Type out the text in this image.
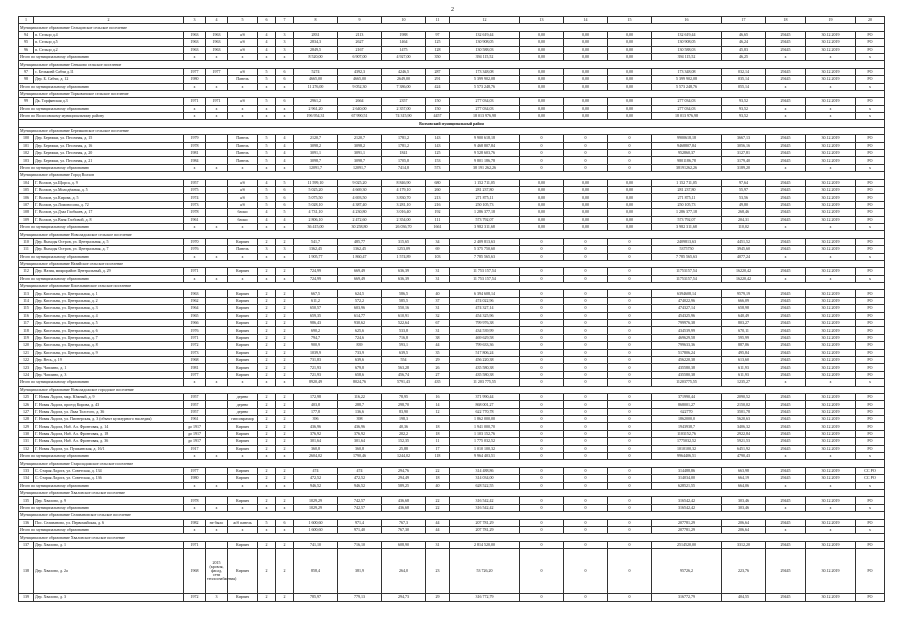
2
1	2	3	4	5	6	7	8	9	10	11	12	13	14	15	16	17	18	19	20
Муниципальное образование Сельцовское сельское поселение																			
94	п. Сельцо д.4	1963	1963	а/б	4	3	2831	2113	1988	97	132 619,44	0,00	0,00	0,00	132 619,44	46,65	29445	30.12.2019	РО
95	п. Сельцо д.5	1963	1963	а/б	4	3	2834,3	2627	1464	125	130 908,05	0,00	0,00	0,00	130 908,05	46,24	29445	30.12.2019	РО
96	п. Сельцо д.2	1963	1963	а/б	4	3	2849,5	2167	1475	128	130 588,03	0,00	0,00	0,00	130 588,03	45,83	29445	30.12.2019	РО
Итого по муниципальному образованию		x	x	x	x	x	8 520,00	6 907,00	4 927,00	350	394 115,52	0,00	0,00	0,00	394 115,52	46,25	x	x	x
Муниципальное образование Сеньково сельское поселение																			
97	с. Бельковй Сабчи д.11	1977	1977	а/б	5	6	5274	4392,3	4246,5	287	173 348,08	0,00	0,00	0,00	173 348,08	032,14	29445	30.12.2019	РО
98	Дер. Б. Сабчи, д. 12	1980		Панель	5	6	4665,00	4665,00	2649,00	291	5 399 902,08	0,00	0,00	0,00	5 399 902,08	035,14	29445	30.12.2019	РО
Итого по муниципальному образованию		x	x	x	x	x	11 276,00	9 052,30	7 386,00	424	5 573 248,76	0,00	0,00	0,00	5 573 248,76	055,14	x	x	x
Муниципальное образование Торковичское сельское поселение																			
99	Дк. Торфянская д.3	1971	1971	а/б	5	6	2961,2	2664	2357	150	277 034,03	0,00	0,00	0,00	277 034,03	93,52	29445	30.12.2019	РО
Итого по муниципальному образованию		x	x	x	x	x	2 961,20	2 640,00	2 357,00	150	277 034,03	0,00	0,00	0,00	277 034,03	93,52	x	x	x
Итого по Волосовскому муниципальному району		x	x	x	x	x	196 954,31	67 990,51	74 315,90	4457	18 013 976,98	0,00	0,00	0,00	18 013 976,98	93,52	x	x	x
Волховский муниципальный район																			
Муниципальное образование Бережковское сельское поселение																			
100	Дер. Бережки, ул. Песочная, д. 15	1979		Панель	5	4	2120,7	2120,7	1781,2	143	9 900 618,18	0	0	0	9900618,18	3667,13	29445	30.12.2019	РО
101	Дер. Бережки, ул. Песочная, д. 16	1978		Панель	5	4	3098,2	3098,2	1781,2	143	9 468 807,84	0	0	0	9468807,84	3056,16	29445	30.12.2019	РО
102	Дер. Бережки, ул. Песочная, д. 20	1981		Панель	5	4	3091,1	3091,1	1841	125	9 528 603,76	0	0	0	952860,37	3127,81	29445	30.12.2019	РО
103	Дер. Бережки, ул. Песочная, д. 21	1984		Панель	5	4	3098,7	3098,7	1705,8	153	9 801 186,78	0	0	0	9801186,78	3179,40	29445	30.12.2019	РО
Итого по муниципальному образованию		x	x	x	x	x	12091,7	12091,7	7414,8	573	38 191 262,26	0	0	0	38191262,26	3189,20	x	x	x
Муниципальное образование Город Волхов																			
104	Г. Волхов, ул.Щорса, д. 9	1957		а/б	4	5	11 599,10	9 025,20	8 846,90	680	1 152 711,05	0,00	0,00	0,00	1 152 711,05	97,64	29445	30.12.2019	РО
105	Г. Волхов, ул.Молодёжная, д. 5	1975		а/б	5	6	5 025,20	4 669,30	4 179,10	260	281 237,80	0,00	0,00	0,00	281 237,80	55,97	29445	30.12.2019	РО
106	Г. Волхов, ул.Кирова, д. 5	1974		а/б	5	6	5 075,50	4 693,50	3 830,70	213	271 875,11	0,00	0,00	0,00	271 875,11	53,56	29445	30.12.2019	РО
107	Г. Волхов, ул.Ломоносова, д. 72	1973		а/б	5	6	5 028,10	4 387,40	3 281,10	216	250 105,73	0,00	0,00	0,00	250 105,73	49,80	29445	30.12.2019	РО
108	Г. Волхов, ул.Дзаа Глобкаев, д. 17	1978		блоки	4	5	4 731,10	4 230,80	3 016,40	192	1 286 377,18	0,00	0,00	0,00	1 286 377,18	268,46	29445	30.12.2019	РО
109	Г. Волхов, ул.Ваня Глобовой, д. 8	1961		блоки	4	4	2 806,10	2 472,60	2 354,00	111	573 792,07	0,00	0,00	0,00	573 792,07	204,31	29445	30.12.2019	РО
Итого по муниципальному образованию		x	x	x	x	x	36 415,00	30 258,80	26 036,70	1661	3 982 311,68	0,00	0,00	0,00	3 982 311,68	110,02	x	x	x
Муниципальное образование Новоладожское сельское поселение																			
110	Дер. Выходы Остров, ул. Центральная, д. 5	1970		Кирпич	2	2	541,7	485,77	315,65	34	2 409 813,63	0	0	0	2409813,63	4451,52	29445	30.12.2019	РО
111	Дер. Выходы Остров, ул. Центральная, д. 7	1976		Панель	3	3	1362,45	1362,45	1253,09	69	5 375 750,60	0	0	0	5375750	3945,60	29445	30.12.2019	РО
Итого по муниципальному образованию		x	x	x	x	x	1 905,77	1 860,47	1 574,89	103	7 785 565,63	0	0	0	7 785 565,63	4077,24	x	x	x
Муниципальное образование Назийское сельское поселение																			
112	Дер. Назия, микрорайон Центральный, д. 29	1971		Кирпич	2	2	724,99	669,49	636,39	31	11 753 157,54	0	0	0	11753157,54	16220,42	29445	30.12.2019	РО
Итого по муниципальному образованию		x	x	x	x	x	724,99	669,49	636,39	31	11 753 157,54	0	0	0	11753157,54	16220,42	x	x	x
Муниципальное образование Кисельнинское сельское поселение																			
113	Дер. Кисельня, ул. Центральная, д. 1	1963		Кирпич	2	2	667,5	624,5	586,5	40	6 394 608,14	0	0	0	6394608,14	9579,19	29445	30.12.2019	РО
114	Дер. Кисельня, ул. Центральная, д. 2	1962		Кирпич	2	2	611,2	572,2	585,5	37	474 022,96	0	0	0	474022,96	666,09	29445	30.12.2019	РО
115	Дер. Кисельня, ул. Центральная, д. 3	1964		Кирпич	2	2	650,57	603,96	550,16	31	474 327,14	0	0	0	474327,14	658,98	29445	30.12.2019	РО
116	Дер. Кисельня, ул. Центральная, д. 4	1965		Кирпич	2	2	659,35	614,77	610,91	32	454 325,96	0	0	0	454325,96	640,49	29445	30.12.2019	РО
117	Дер. Кисельня, ул. Центральная, д. 5	1966		Кирпич	2	2	986,43	930,62	522,64	67	799 976,38	0	0	0	799976,38	803,27	29445	30.12.2019	РО
118	Дер. Кисельня, ул. Центральная, д. 6	1976		Кирпич	2	2	690,2	625,6	533,8	31	434 539,99	0	0	0	434539,99	670,11	29445	30.12.2019	РО
119	Дер. Кисельня, ул. Центральная, д. 7	1971		Кирпич	2	2	794,7	724,6	716,8	38	469 629,58	0	0	0	469629,58	595,99	29445	30.12.2019	РО
120	Дер. Кисельня, ул. Центральная, д. 8	1972		Кирпич	2	2	900,9	839	593,1	44	799 633,36	0	0	0	799633,36	887,86	29445	30.12.2019	РО
121	Дер. Кисельня, ул. Центральная, д. 9	1973		Кирпич	2	2	1039,9	733,9	639,5	35	517 806,24	0	0	0	517806,24	495,84	29445	30.12.2019	РО
122	Дер. Весь, д. 19	1968		Кирпич	2	2	731,83	639,6	554	29	456 220,38	0	0	0	456220,38	613,60	29445	30.12.2019	РО
123	Дер. Чаплино, д. 1	1981		Кирпич	2	2	721,93	679,8	563,28	26	435 580,38	0	0	0	435580,38	611,93	29445	30.12.2019	РО
124	Дер. Чаплино, д. 3	1977		Кирпич	2	2	721,93	658,6	456,74	27	435 580,38	0	0	0	435580,38	611,93	29445	30.12.2019	РО
Итого по муниципальному образованию		x	x	x	x	x	8920,49	8024,76	5791,43	435	11 203 775,55	0	0	0	11203775,55	1235,27	x	x	x
Муниципальное образование Новоладожское городское поселение																			
125	Г. Новая Ладога, мкр. Южный, д. 9	1957		дерево	2	2	172,98	116,22	78,95	16	371 990,44	0	0	0	371990,44	2090,52	29445	30.12.2019	РО
126	Г. Новая Ладога, проезд Кирова, д. 43	1957		дерево	2	2	403,8	288,7	298,70	14	868 001,27	0	0	0	868001,27	2150,02	29445	30.12.2019	РО
127	Г. Новая Ладога, ул. Льва Толстого, д. 36	1957		дерево	2	2	177,8	136,6	83,90	12	622 770,78	0	0	0	622770	3501,78	29445	30.12.2019	РО
128	Г. Новая Ладога, ул. Пионерская, д. 3 (объект культурного наследия)	1961		гипсомрамор	2	2	396	398	198,3		1 862 000,00	0	0	0	1862000,0	5620,63	29445	30.12.2019	РО
129	Г. Новая Ладога, Наб. Ал. Фронтовая, д. 14	до 1917		Кирпич	2	2	436,96	436,96	40,36	18	1 941 000,70	0	0	0	1943938,7	3406,32	29445	30.12.2019	РО
130	Г. Новая Ладога, Наб. Ал. Фронтовая, д. 18	до 1917		Кирпич	2	2	376,92	376,92	202,2	18	1 103 152,76	0	0	0	1103152,76	2922,84	29445	30.12.2019	РО
131	Г. Новая Ладога, Наб. Ал. Фронтовая, д. 36	до 1917		Кирпич	2	2	301,64	301,64	152,35	11	1 775 032,52	0	0	0	1775032,52	5921,53	29445	30.12.2019	РО
132	Г. Новая Ладога, ул. Пушкинская, д. 16/1	1917		Кирпич	2	2	360,8	360,8	25,88	17	1 010 100,32	0	0	0	1010100,32	6451,92	29445	30.12.2019	РО
Итого по муниципальному образованию		x	x	x	x	x	2604,02	1790,46	1244,02	118	9 964 403,51	0	0	0	9964406,51	4790,43	x	x	x
Муниципальное образование Староладожское сельское поселение																			
133	С. Старая Ладога, ул. Советская, д. 134	1977		Кирпич	2	2	474	474	294,76	22	314 488,86	0	0	0	314488,86	663,98	29445	30.12.2019	СС РО
134	С. Старая Ладога, ул. Советская, д. 136	1980		Кирпич	2	2	472,52	472,52	294,49	18	314 034,00	0	0	0	314034,00	664,19	29445	30.12.2019	СС РО
Итого по муниципальному образованию		x	x	x	x	x	946,52	946,52	589,25	40	628 522,55	0	0	0	628521,55	664,06	x	x	x
Муниципальное образование Хваловское сельское поселение																			
135	Дер. Хвалово, д. 9	1978		Кирпич	2	2	1029,29	742,57	436,68	22	316 542,42	0	0	0	316542,42	303,46	29445	30.12.2019	РО
Итого по муниципальному образованию		x	x	x	x	x	1029,29	742,57	436,68	22	316 542,42	0	0	0	316542,42	303,46	x	x	x
Муниципальное образование Селивановское сельское поселение																			
136	Пос. Селиваново, ул. Первомайская, д. 6	1982	не было	ж/б панель	5	6	1 600,60	971,4	767,3	44	207 781,29	0	0	0	207781,29	206,64	29445	30.12.2019	РО
Итого по муниципальному образованию		x	x	x	x	x	1 600,60	971,40	767,30	44	207 781,29	0	0	0	207781,29	206,64	x	x	x
Муниципальное образование Хваловское сельское поселение																			
137	Дер. Хвалово, д. 1	1971		Кирпич	2	2	741,10	716,10	608,90	31	2 814 520,00	0	0	0	2514520,00	3312,20	29445	30.12.2019	РО
138	Дер. Хвалово, д. 2а	1968	2015 (кровля, фасад, сети теплоснабжения)	Кирпич	2	2	858,4	381,9	264,0	23	53 726,20	0	0	0	95726,2	223,76	29445	30.12.2019	РО
139	Дер. Хвалово, д. 3	1972	3	Кирпич	2	2	785,97	779,13	294,73	29	316 772,79	0	0	0	316772,79	404,55	29445	30.12.2019	РО
